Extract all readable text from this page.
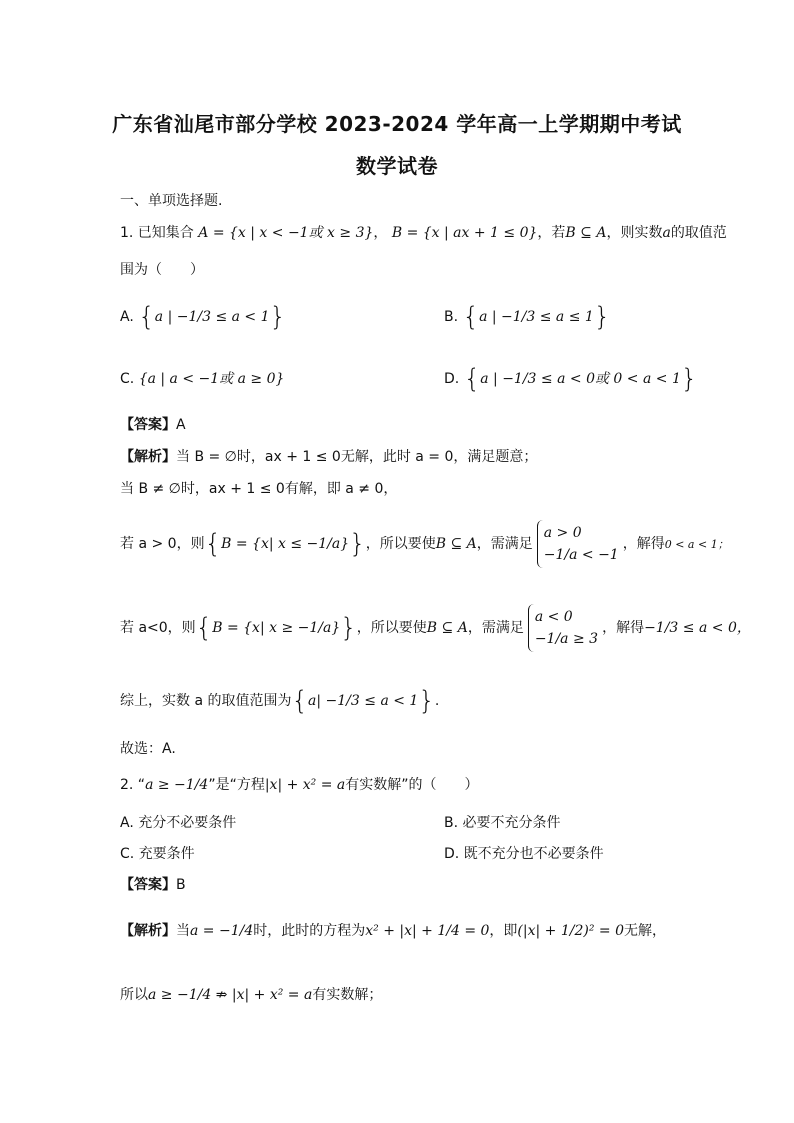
广东省汕尾市部分学校 2023-2024 学年高一上学期期中考试
数学试卷
一、单项选择题.
1. 已知集合 A = {x | x < −1或 x ≥ 3}， B = {x | ax + 1 ≤ 0}，若B ⊆ A，则实数a的取值范
围为（　　）
A. {a | −1/3 ≤ a < 1}	B. {a | −1/3 ≤ a ≤ 1}
C. {a | a < −1或 a ≥ 0}	D. {a | −1/3 ≤ a < 0或 0 < a < 1}
【答案】A
【解析】当 B = ∅时，ax + 1 ≤ 0无解，此时 a = 0，满足题意；
当 B ≠ ∅时，ax + 1 ≤ 0有解，即 a ≠ 0，
若 a > 0，则{B = {x| x ≤ −1/a}}，所以要使B ⊆ A，需满足
a > 0
−1/a < −1
，解得0 < a < 1；
若 a<0，则{B = {x| x ≥ −1/a}}，所以要使B ⊆ A，需满足
a < 0
−1/a ≥ 3
，解得−1/3 ≤ a < 0，
综上，实数 a 的取值范围为{a| −1/3 ≤ a < 1}.
故选：A.
2. “a ≥ −1/4”是“方程|x| + x² = a有实数解”的（　　）
A. 充分不必要条件	B. 必要不充分条件
C. 充要条件	D. 既不充分也不必要条件
【答案】B
【解析】当a = −1/4时，此时的方程为x² + |x| + 1/4 = 0，即(|x| + 1/2)² = 0无解，
所以a ≥ −1/4 ⇏ |x| + x² = a有实数解；
